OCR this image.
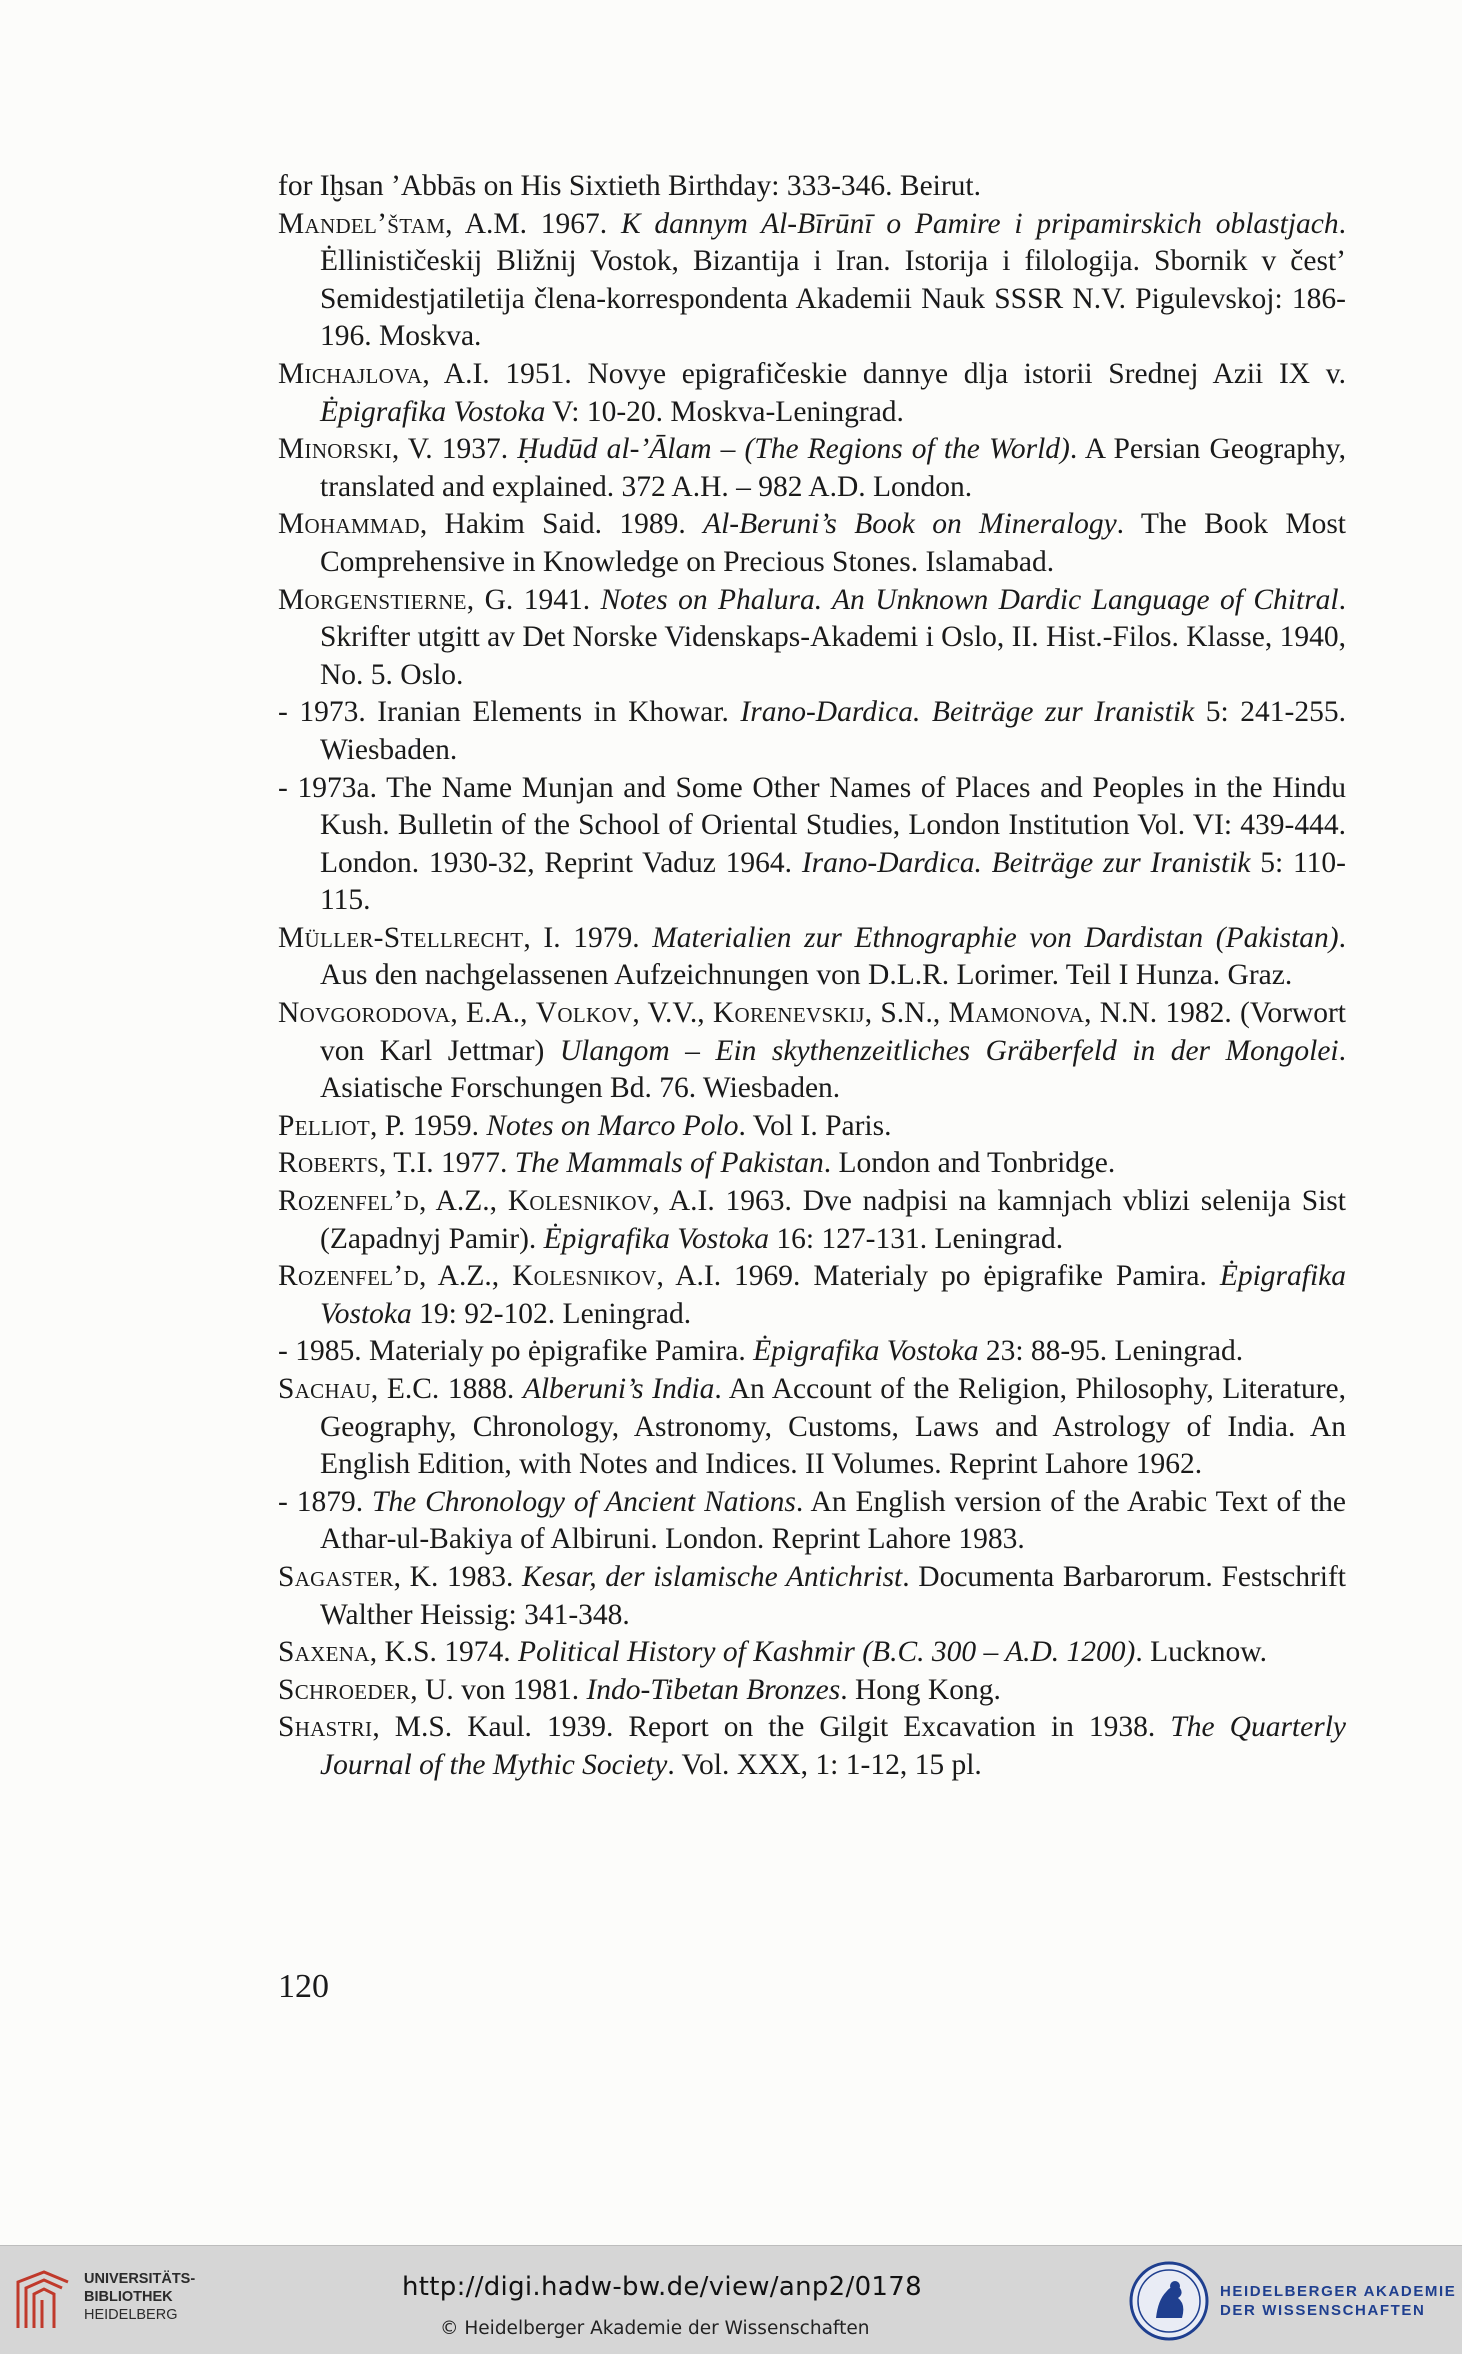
for Iḫsan ’Abbās on His Sixtieth Birthday: 333-346. Beirut.

Mandel’štam, A.M. 1967. K dannym Al-Bīrūnī o Pamire i pripamirskich oblastjach. Ėllinističeskij Bližnij Vostok, Bizantija i Iran. Istorija i filologija. Sbornik v čest’ Semidestjatiletija člena-korrespondenta Akademii Nauk SSSR N.V. Pigulevskoj: 186-196. Moskva.

Michajlova, A.I. 1951. Novye epigrafičeskie dannye dlja istorii Srednej Azii IX v. Ėpigrafika Vostoka V: 10-20. Moskva-Leningrad.

Minorski, V. 1937. Ḥudūd al-’Ālam – (The Regions of the World). A Persian Geography, translated and explained. 372 A.H. – 982 A.D. London.

Mohammad, Hakim Said. 1989. Al-Beruni’s Book on Mineralogy. The Book Most Comprehensive in Knowledge on Precious Stones. Islamabad.

Morgenstierne, G. 1941. Notes on Phalura. An Unknown Dardic Language of Chitral. Skrifter utgitt av Det Norske Videnskaps-Akademi i Oslo, II. Hist.-Filos. Klasse, 1940, No. 5. Oslo.

- 1973. Iranian Elements in Khowar. Irano-Dardica. Beiträge zur Iranistik 5: 241-255. Wiesbaden.

- 1973a. The Name Munjan and Some Other Names of Places and Peoples in the Hindu Kush. Bulletin of the School of Oriental Studies, London Institution Vol. VI: 439-444. London. 1930-32, Reprint Vaduz 1964. Irano-Dardica. Beiträge zur Iranistik 5: 110-115.

Müller-Stellrecht, I. 1979. Materialien zur Ethnographie von Dardistan (Pakistan). Aus den nachgelassenen Aufzeichnungen von D.L.R. Lorimer. Teil I Hunza. Graz.

Novgorodova, E.A., Volkov, V.V., Korenevskij, S.N., Mamonova, N.N. 1982. (Vorwort von Karl Jettmar) Ulangom – Ein skythenzeitliches Gräberfeld in der Mongolei. Asiatische Forschungen Bd. 76. Wiesbaden.

Pelliot, P. 1959. Notes on Marco Polo. Vol I. Paris.

Roberts, T.I. 1977. The Mammals of Pakistan. London and Tonbridge.

Rozenfel’d, A.Z., Kolesnikov, A.I. 1963. Dve nadpisi na kamnjach vblizi selenija Sist (Zapadnyj Pamir). Ėpigrafika Vostoka 16: 127-131. Leningrad.

Rozenfel’d, A.Z., Kolesnikov, A.I. 1969. Materialy po ėpigrafike Pamira. Ėpigrafika Vostoka 19: 92-102. Leningrad.

- 1985. Materialy po ėpigrafike Pamira. Ėpigrafika Vostoka 23: 88-95. Leningrad.

Sachau, E.C. 1888. Alberuni’s India. An Account of the Religion, Philosophy, Literature, Geography, Chronology, Astronomy, Customs, Laws and Astrology of India. An English Edition, with Notes and Indices. II Volumes. Reprint Lahore 1962.

- 1879. The Chronology of Ancient Nations. An English version of the Arabic Text of the Athar-ul-Bakiya of Albiruni. London. Reprint Lahore 1983.

Sagaster, K. 1983. Kesar, der islamische Antichrist. Documenta Barbarorum. Festschrift Walther Heissig: 341-348.

Saxena, K.S. 1974. Political History of Kashmir (B.C. 300 – A.D. 1200). Lucknow.

Schroeder, U. von 1981. Indo-Tibetan Bronzes. Hong Kong.

Shastri, M.S. Kaul. 1939. Report on the Gilgit Excavation in 1938. The Quarterly Journal of the Mythic Society. Vol. XXX, 1: 1-12, 15 pl.

120
UNIVERSITÄTS-
BIBLIOTHEK
HEIDELBERG
http://digi.hadw-bw.de/view/anp2/0178
© Heidelberger Akademie der Wissenschaften
HEIDELBERGER AKADEMIE
DER WISSENSCHAFTEN
